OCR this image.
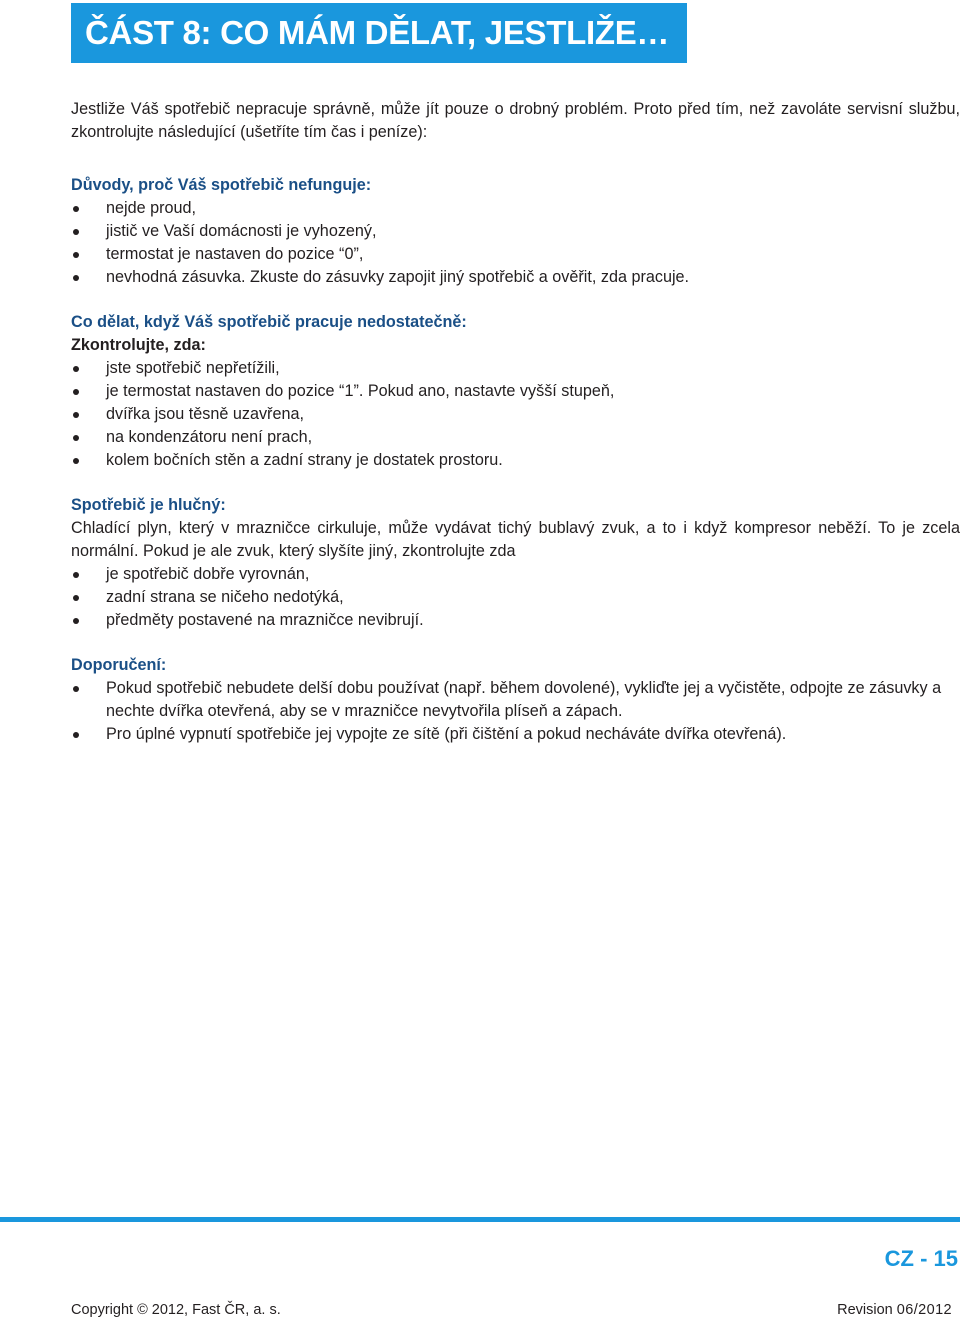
ČÁST 8: CO MÁM DĚLAT, JESTLIŽE…

Jestliže Váš spotřebič nepracuje správně, může jít pouze o drobný problém. Proto před tím, než zavoláte servisní službu, zkontrolujte následující (ušetříte tím čas i peníze):

Důvody, proč Váš spotřebič nefunguje:

nejde proud,
jistič ve Vaší domácnosti je vyhozený,
termostat je nastaven do pozice “0”,
nevhodná zásuvka. Zkuste do zásuvky zapojit jiný spotřebič a ověřit, zda pracuje.

Co dělat, když Váš spotřebič pracuje nedostatečně:

Zkontrolujte, zda:

jste spotřebič nepřetížili,
je termostat nastaven do pozice “1”. Pokud ano, nastavte vyšší stupeň,
dvířka jsou těsně uzavřena,
na kondenzátoru není prach,
kolem bočních stěn a zadní strany je dostatek prostoru.

Spotřebič je hlučný:

Chladící plyn, který v mrazničce cirkuluje, může vydávat tichý bublavý zvuk, a to i když kompresor neběží. To je zcela normální. Pokud je ale zvuk, který slyšíte jiný, zkontrolujte zda

je spotřebič dobře vyrovnán,
zadní strana se ničeho nedotýká,
předměty postavené na mrazničce nevibrují.

Doporučení:

Pokud spotřebič nebudete delší dobu používat (např. během dovolené), vykliďte jej a vyčistěte, odpojte ze zásuvky a nechte dvířka otevřená, aby se v mrazničce nevytvořila plíseň a zápach.
Pro úplné vypnutí spotřebiče jej vypojte ze sítě (při čištění a pokud necháváte dvířka otevřená).
CZ - 15
Copyright © 2012, Fast ČR, a. s.	Revision 06/2012
